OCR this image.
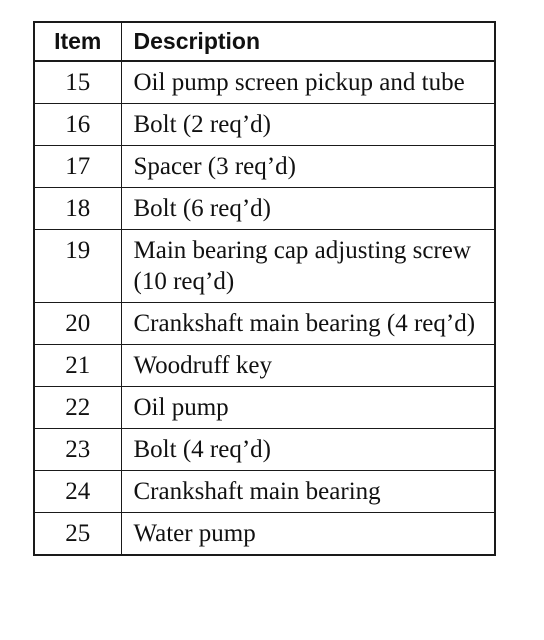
Item	Description
15	Oil pump screen pickup and tube
16	Bolt (2 req’d)
17	Spacer (3 req’d)
18	Bolt (6 req’d)
19	Main bearing cap adjusting screw (10 req’d)
20	Crankshaft main bearing (4 req’d)
21	Woodruff key
22	Oil pump
23	Bolt (4 req’d)
24	Crankshaft main bearing
25	Water pump
